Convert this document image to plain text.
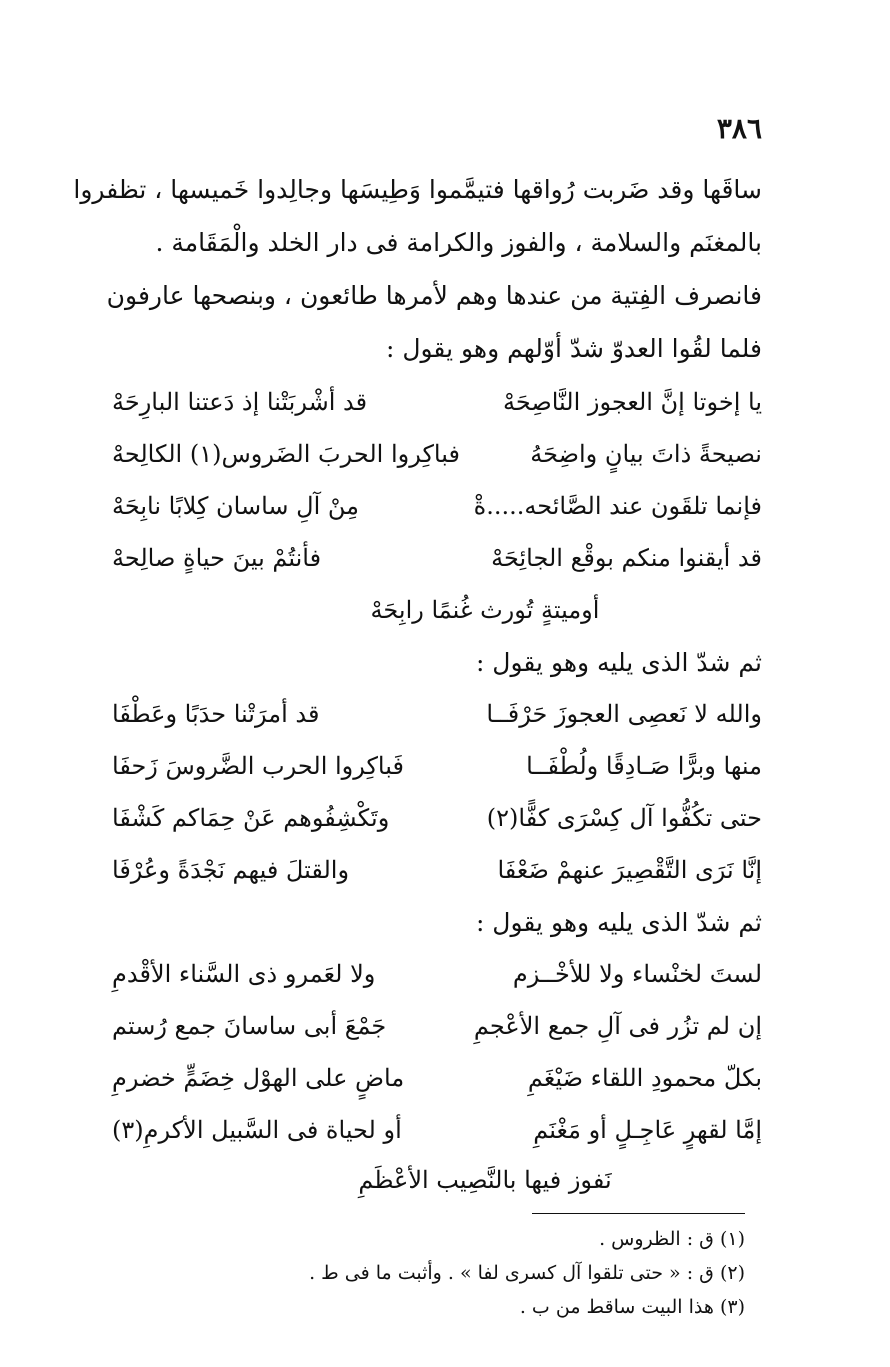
٣٨٦
ساقَها وقد ضَربت رُواقها فتيمَّموا وَطِيسَها وجالِدوا خَميسها ، تظفروا
بالمغنَم والسلامة ، والفوز والكرامة فى دار الخلد والْمَقَامة .
فانصرف الفِتية من عندها وهم لأمرها طائعون ، وبنصحها عارفون
فلما لقُوا العدوّ شدّ أوّلهم وهو يقول :
يا إخوتا إنَّ العجوز النَّاصِحَهْ
قد أشْربَتْنا إذ دَعتنا البارِحَهْ
نصيحةً ذاتَ بيانٍ واضِحَهُ
فباكِروا الحربَ الضَروس(١) الكالِحهْ
فإنما تلقَون عند الصَّائحه.....ةْ
مِنْ آلِ ساسان كِلابًا نابِحَهْ
قد أيقنوا منكم بوقْع الجائِحَهْ
فأنتُمْ بينَ حياةٍ صالِحهْ
أوميتةٍ تُورث غُنمًا رابِحَهْ
ثم شدّ الذى يليه وهو يقول :
والله لا نَعصِى العجوزَ حَرْفَــا
قد أمرَتْنا حدَبًا وعَطْفَا
منها وبرًّا صَـادِقًا ولُطْفَــا
فَباكِروا الحرب الضَّروسَ زَحفَا
حتى تكُفُّوا آل كِسْرَى كفًّا(٢)
وتَكْشِفُوهم عَنْ حِمَاكم كَشْفَا
إنَّا نَرَى التَّقْصِيرَ عنهمْ ضَعْفَا
والقتلَ فيهم نَجْدَةً وعُرْفَا
ثم شدّ الذى يليه وهو يقول :
لستَ لخنْساء ولا للأخْــزم
ولا لعَمرو ذى السَّناء الأقْدمِ
إن لم تزُر فى آلِ جمع الأعْجمِ
جَمْعَ أبى ساسانَ جمع رُستم
بكلّ محمودِ اللقاء ضَيْغَمِ
ماضٍ على الهوْل خِضَمٍّ خضرمِ
إمَّا لقهرٍ عَاجِـلٍ أو مَغْنَمِ
أو لحياة فى السَّبيل الأكرمِ(٣)
نَفوز فيها بالنَّصِيب الأعْظَمِ
(١) ق : الظروس .
(٢) ق : « حتى تلقوا آل كسرى لفا » . وأثبت ما فى ط .
(٣) هذا البيت ساقط من ب .
